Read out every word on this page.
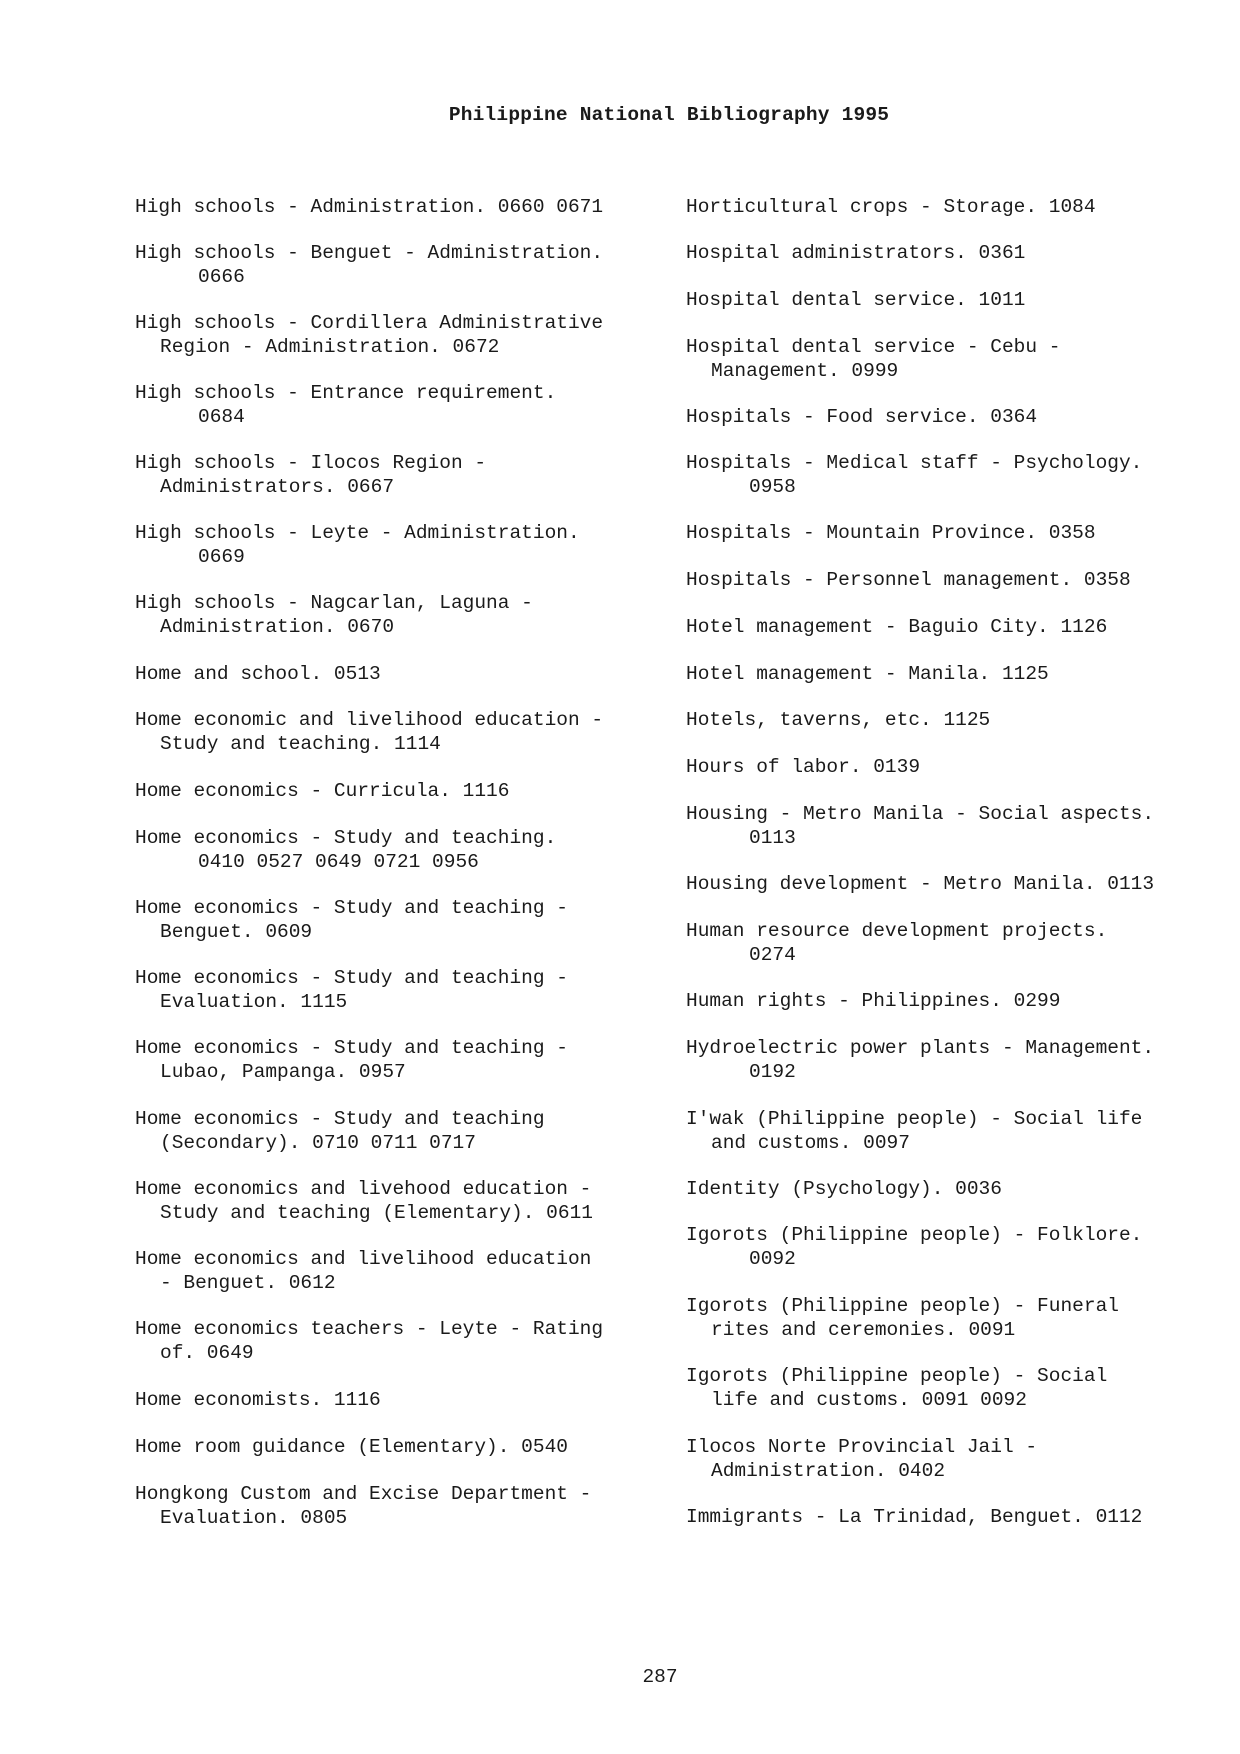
Philippine National Bibliography 1995
High schools - Administration. 0660 0671
High schools - Benguet - Administration.
0666
High schools - Cordillera Administrative
Region - Administration. 0672
High schools - Entrance requirement.
0684
High schools - Ilocos Region -
Administrators. 0667
High schools - Leyte - Administration.
0669
High schools - Nagcarlan, Laguna -
Administration. 0670
Home and school. 0513
Home economic and livelihood education -
Study and teaching. 1114
Home economics - Curricula. 1116
Home economics - Study and teaching.
0410 0527 0649 0721 0956
Home economics - Study and teaching -
Benguet. 0609
Home economics - Study and teaching -
Evaluation. 1115
Home economics - Study and teaching -
Lubao, Pampanga. 0957
Home economics - Study and teaching
(Secondary). 0710 0711 0717
Home economics and livehood education -
Study and teaching (Elementary). 0611
Home economics and livelihood education
- Benguet. 0612
Home economics teachers - Leyte - Rating
of. 0649
Home economists. 1116
Home room guidance (Elementary). 0540
Hongkong Custom and Excise Department -
Evaluation. 0805
Horticultural crops - Storage. 1084
Hospital administrators. 0361
Hospital dental service. 1011
Hospital dental service - Cebu -
Management. 0999
Hospitals - Food service. 0364
Hospitals - Medical staff - Psychology.
0958
Hospitals - Mountain Province. 0358
Hospitals - Personnel management. 0358
Hotel management - Baguio City. 1126
Hotel management - Manila. 1125
Hotels, taverns, etc. 1125
Hours of labor. 0139
Housing - Metro Manila - Social aspects.
0113
Housing development - Metro Manila. 0113
Human resource development projects.
0274
Human rights - Philippines. 0299
Hydroelectric power plants - Management.
0192
I'wak (Philippine people) - Social life
and customs. 0097
Identity (Psychology). 0036
Igorots (Philippine people) - Folklore.
0092
Igorots (Philippine people) - Funeral
rites and ceremonies. 0091
Igorots (Philippine people) - Social
life and customs. 0091 0092
Ilocos Norte Provincial Jail -
Administration. 0402
Immigrants - La Trinidad, Benguet. 0112
287
